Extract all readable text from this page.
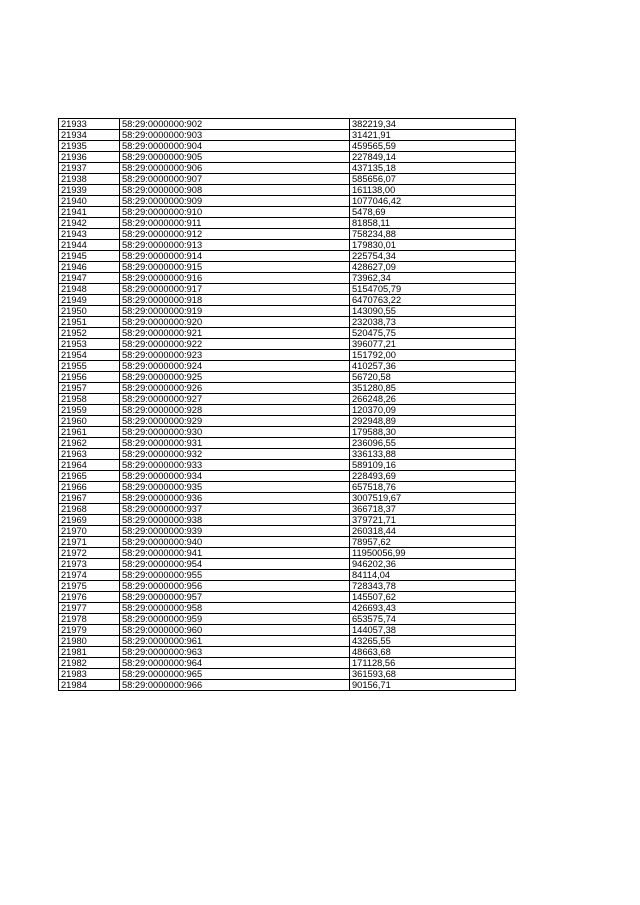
21933	58:29:0000000:902	382219,34
21934	58:29:0000000:903	31421,91
21935	58:29:0000000:904	459565,59
21936	58:29:0000000:905	227849,14
21937	58:29:0000000:906	437135,18
21938	58:29:0000000:907	585656,07
21939	58:29:0000000:908	161138,00
21940	58:29:0000000:909	1077046,42
21941	58:29:0000000:910	5478,69
21942	58:29:0000000:911	81858,11
21943	58:29:0000000:912	758234,88
21944	58:29:0000000:913	179830,01
21945	58:29:0000000:914	225754,34
21946	58:29:0000000:915	428627,09
21947	58:29:0000000:916	73962,34
21948	58:29:0000000:917	5154705,79
21949	58:29:0000000:918	6470763,22
21950	58:29:0000000:919	143090,55
21951	58:29:0000000:920	232038,73
21952	58:29:0000000:921	520475,75
21953	58:29:0000000:922	396077,21
21954	58:29:0000000:923	151792,00
21955	58:29:0000000:924	410257,36
21956	58:29:0000000:925	56720,58
21957	58:29:0000000:926	351280,85
21958	58:29:0000000:927	266248,26
21959	58:29:0000000:928	120370,09
21960	58:29:0000000:929	292948,89
21961	58:29:0000000:930	179588,30
21962	58:29:0000000:931	236096,55
21963	58:29:0000000:932	336133,88
21964	58:29:0000000:933	589109,16
21965	58:29:0000000:934	228493,69
21966	58:29:0000000:935	657518,76
21967	58:29:0000000:936	3007519,67
21968	58:29:0000000:937	366718,37
21969	58:29:0000000:938	379721,71
21970	58:29:0000000:939	260318,44
21971	58:29:0000000:940	78957,62
21972	58:29:0000000:941	11950056,99
21973	58:29:0000000:954	946202,36
21974	58:29:0000000:955	84114,04
21975	58:29:0000000:956	728343,78
21976	58:29:0000000:957	145507,62
21977	58:29:0000000:958	426693,43
21978	58:29:0000000:959	653575,74
21979	58:29:0000000:960	144057,38
21980	58:29:0000000:961	43265,55
21981	58:29:0000000:963	48663,68
21982	58:29:0000000:964	171128,56
21983	58:29:0000000:965	361593,68
21984	58:29:0000000:966	90156,71
